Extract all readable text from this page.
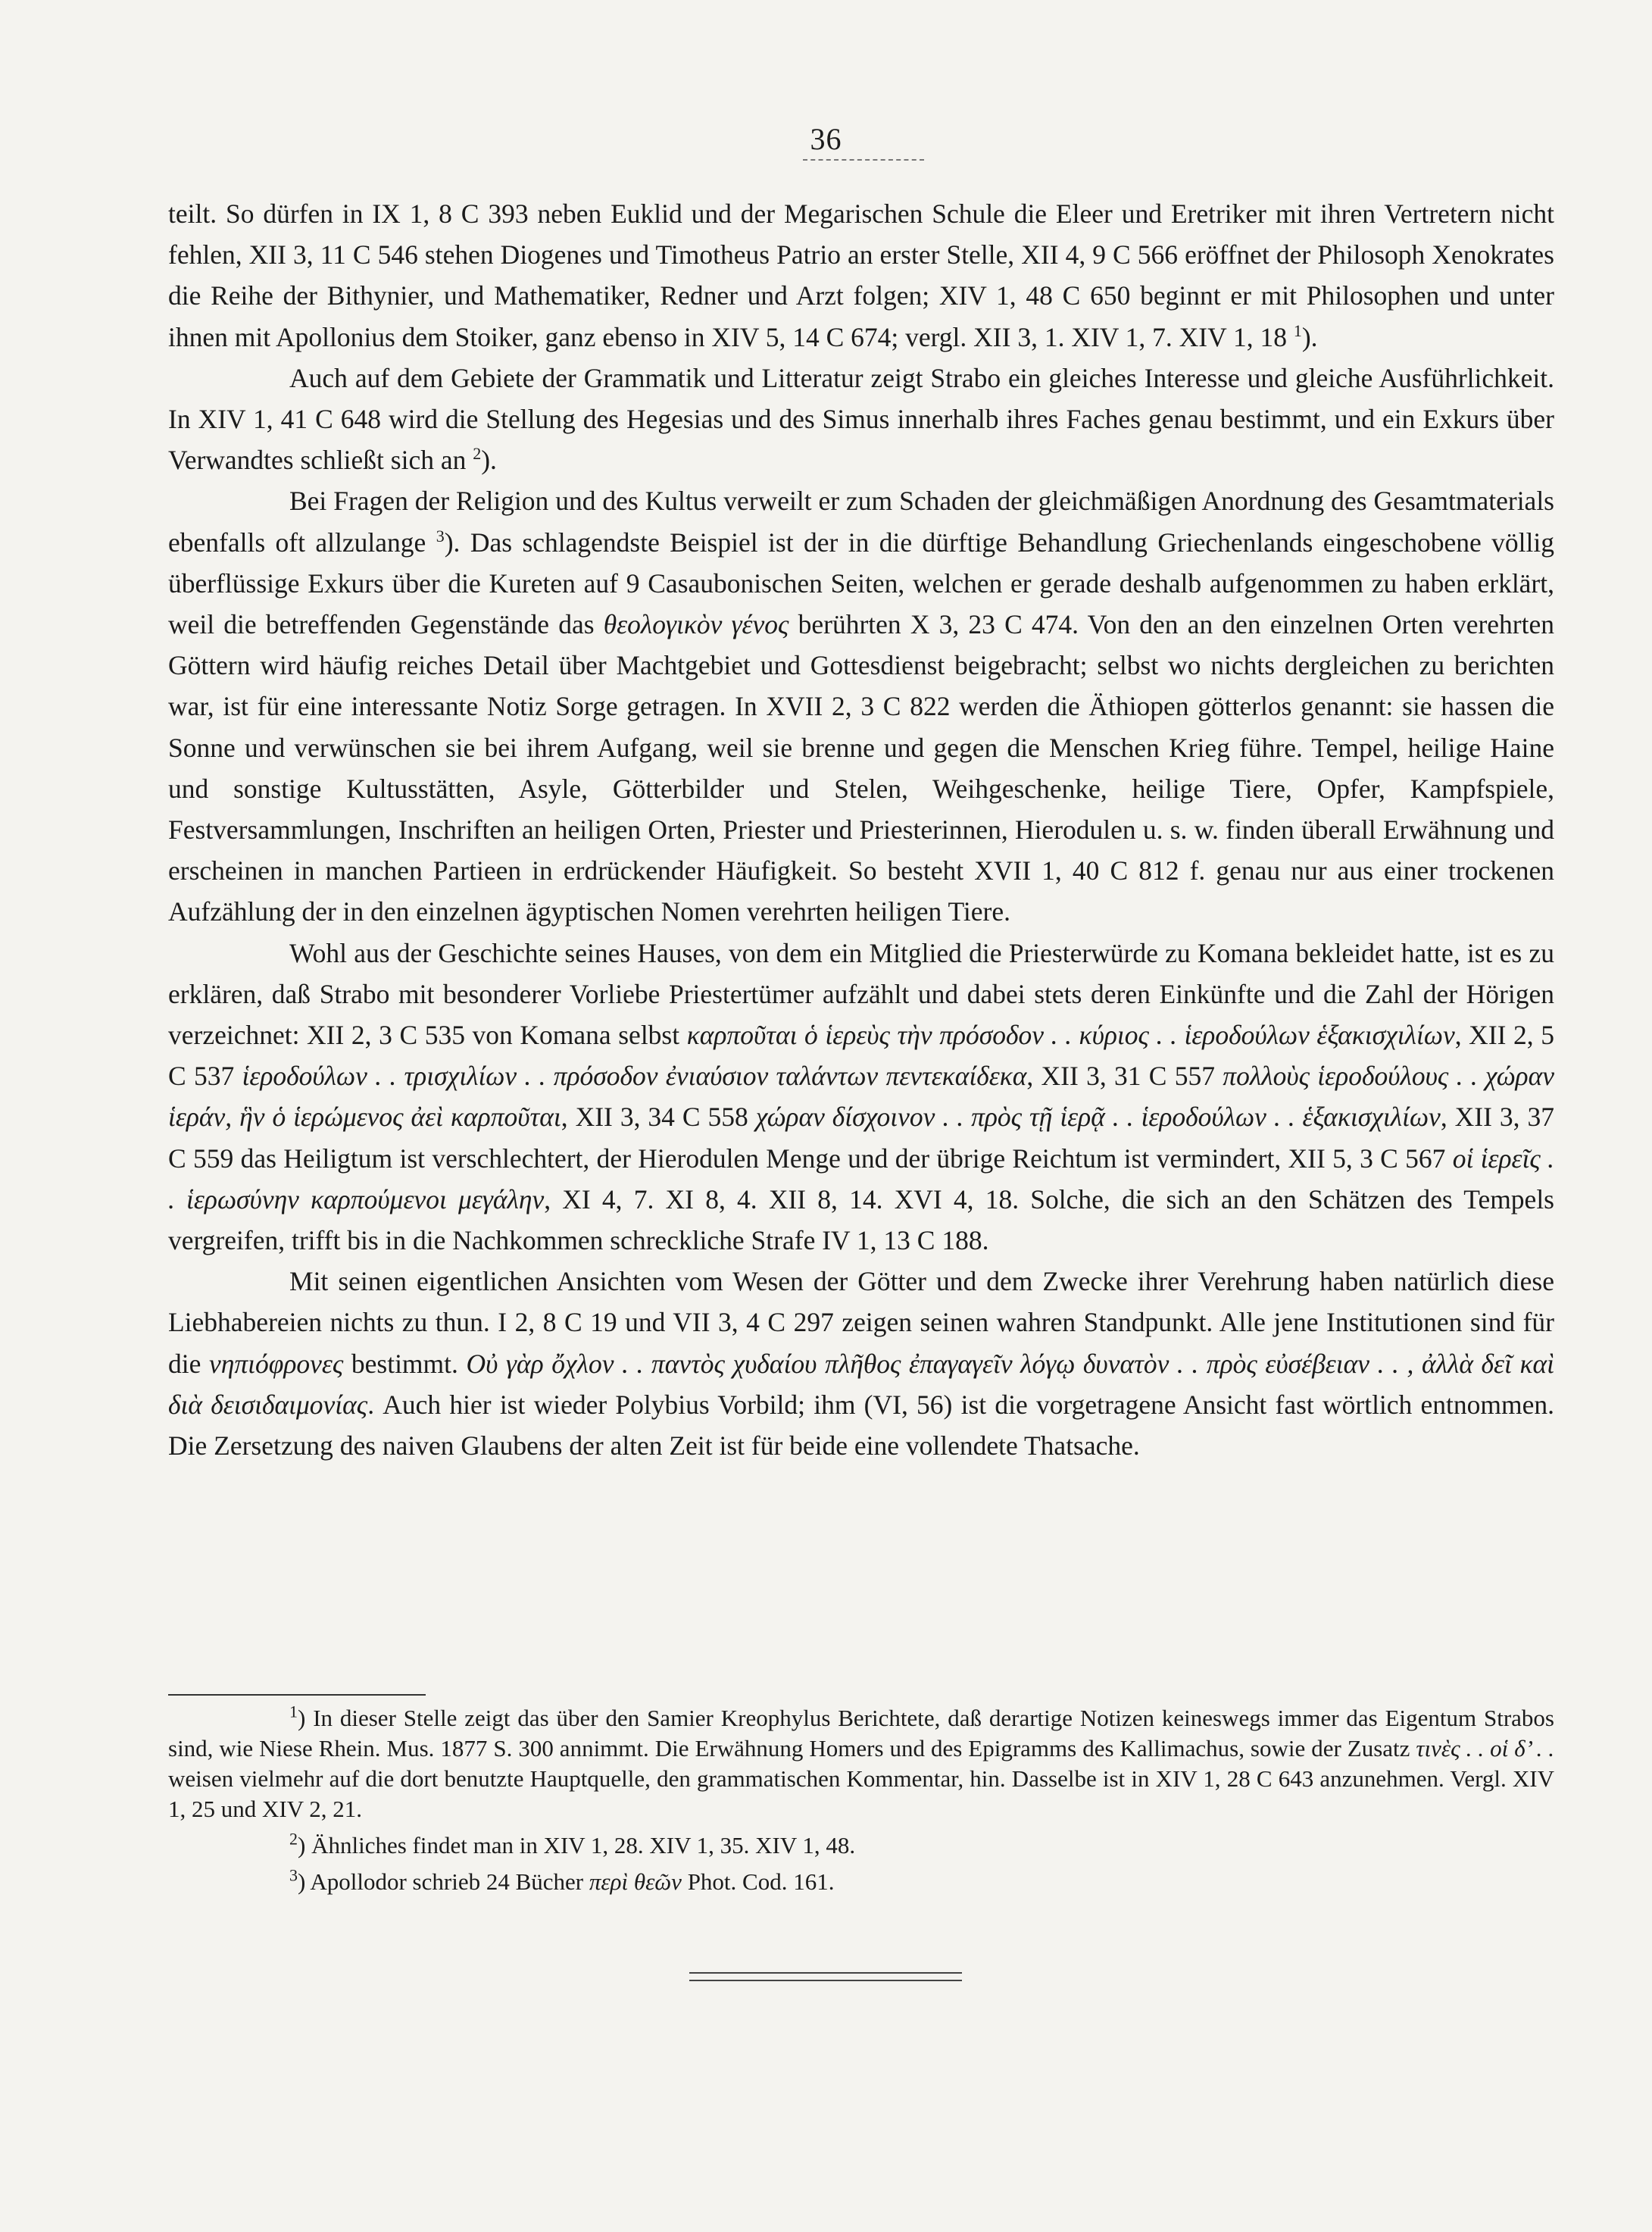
36

teilt. So dürfen in IX 1, 8 C 393 neben Euklid und der Megarischen Schule die Eleer und Eretriker mit ihren Vertretern nicht fehlen, XII 3, 11 C 546 stehen Diogenes und Timotheus Patrio an erster Stelle, XII 4, 9 C 566 eröffnet der Philosoph Xenokrates die Reihe der Bithynier, und Mathematiker, Redner und Arzt folgen; XIV 1, 48 C 650 beginnt er mit Philosophen und unter ihnen mit Apollonius dem Stoiker, ganz ebenso in XIV 5, 14 C 674; vergl. XII 3, 1. XIV 1, 7. XIV 1, 18 $^1$).

Auch auf dem Gebiete der Grammatik und Litteratur zeigt Strabo ein gleiches Interesse und gleiche Ausführlichkeit. In XIV 1, 41 C 648 wird die Stellung des Hegesias und des Simus innerhalb ihres Faches genau bestimmt, und ein Exkurs über Verwandtes schließt sich an $^2$).

Bei Fragen der Religion und des Kultus verweilt er zum Schaden der gleichmäßigen Anordnung des Gesamtmaterials ebenfalls oft allzulange $^3$). Das schlagendste Beispiel ist der in die dürftige Behandlung Griechenlands eingeschobene völlig überflüssige Exkurs über die Kureten auf 9 Casaubonischen Seiten, welchen er gerade deshalb aufgenommen zu haben erklärt, weil die betreffenden Gegenstände das θεολογικὸν γένος berührten X 3, 23 C 474. Von den an den einzelnen Orten verehrten Göttern wird häufig reiches Detail über Machtgebiet und Gottesdienst beigebracht; selbst wo nichts dergleichen zu berichten war, ist für eine interessante Notiz Sorge getragen. In XVII 2, 3 C 822 werden die Äthiopen götterlos genannt: sie hassen die Sonne und verwünschen sie bei ihrem Aufgang, weil sie brenne und gegen die Menschen Krieg führe. Tempel, heilige Haine und sonstige Kultusstätten, Asyle, Götterbilder und Stelen, Weihgeschenke, heilige Tiere, Opfer, Kampfspiele, Festversammlungen, Inschriften an heiligen Orten, Priester und Priesterinnen, Hierodulen u. s. w. finden überall Erwähnung und erscheinen in manchen Partieen in erdrückender Häufigkeit. So besteht XVII 1, 40 C 812 f. genau nur aus einer trockenen Aufzählung der in den einzelnen ägyptischen Nomen verehrten heiligen Tiere.

Wohl aus der Geschichte seines Hauses, von dem ein Mitglied die Priesterwürde zu Komana bekleidet hatte, ist es zu erklären, daß Strabo mit besonderer Vorliebe Priestertümer aufzählt und dabei stets deren Einkünfte und die Zahl der Hörigen verzeichnet: XII 2, 3 C 535 von Komana selbst καρποῦται ὁ ἱερεὺς τὴν πρόσοδον . . κύριος . . ἱεροδούλων ἑξακισχιλίων, XII 2, 5 C 537 ἱεροδούλων . . τρισχιλίων . . πρόσοδον ἐνιαύσιον ταλάντων πεντεκαίδεκα, XII 3, 31 C 557 πολλοὺς ἱεροδούλους . . χώραν ἱεράν, ἣν ὁ ἱερώμενος ἀεὶ καρποῦται, XII 3, 34 C 558 χώραν δίσχοινον . . πρὸς τῇ ἱερᾷ . . ἱεροδούλων . . ἑξακισχιλίων, XII 3, 37 C 559 das Heiligtum ist verschlechtert, der Hierodulen Menge und der übrige Reichtum ist vermindert, XII 5, 3 C 567 οἱ ἱερεῖς . . ἱερωσύνην καρπούμενοι μεγάλην, XI 4, 7. XI 8, 4. XII 8, 14. XVI 4, 18. Solche, die sich an den Schätzen des Tempels vergreifen, trifft bis in die Nachkommen schreckliche Strafe IV 1, 13 C 188.

Mit seinen eigentlichen Ansichten vom Wesen der Götter und dem Zwecke ihrer Verehrung haben natürlich diese Liebhabereien nichts zu thun. I 2, 8 C 19 und VII 3, 4 C 297 zeigen seinen wahren Standpunkt. Alle jene Institutionen sind für die νηπιόφρονες bestimmt. Οὐ γὰρ ὄχλον . . παντὸς χυδαίου πλῆθος ἐπαγαγεῖν λόγῳ δυνατὸν . . πρὸς εὐσέβειαν . . , ἀλλὰ δεῖ καὶ διὰ δεισιδαιμονίας. Auch hier ist wieder Polybius Vorbild; ihm (VI, 56) ist die vorgetragene Ansicht fast wörtlich entnommen. Die Zersetzung des naiven Glaubens der alten Zeit ist für beide eine vollendete Thatsache.

$^1$) In dieser Stelle zeigt das über den Samier Kreophylus Berichtete, daß derartige Notizen keineswegs immer das Eigentum Strabos sind, wie Niese Rhein. Mus. 1877 S. 300 annimmt. Die Erwähnung Homers und des Epigramms des Kallimachus, sowie der Zusatz τινὲς . . οἱ δ’ . . weisen vielmehr auf die dort benutzte Hauptquelle, den grammatischen Kommentar, hin. Dasselbe ist in XIV 1, 28 C 643 anzunehmen. Vergl. XIV 1, 25 und XIV 2, 21.

$^2$) Ähnliches findet man in XIV 1, 28. XIV 1, 35. XIV 1, 48.

$^3$) Apollodor schrieb 24 Bücher περὶ θεῶν Phot. Cod. 161.
